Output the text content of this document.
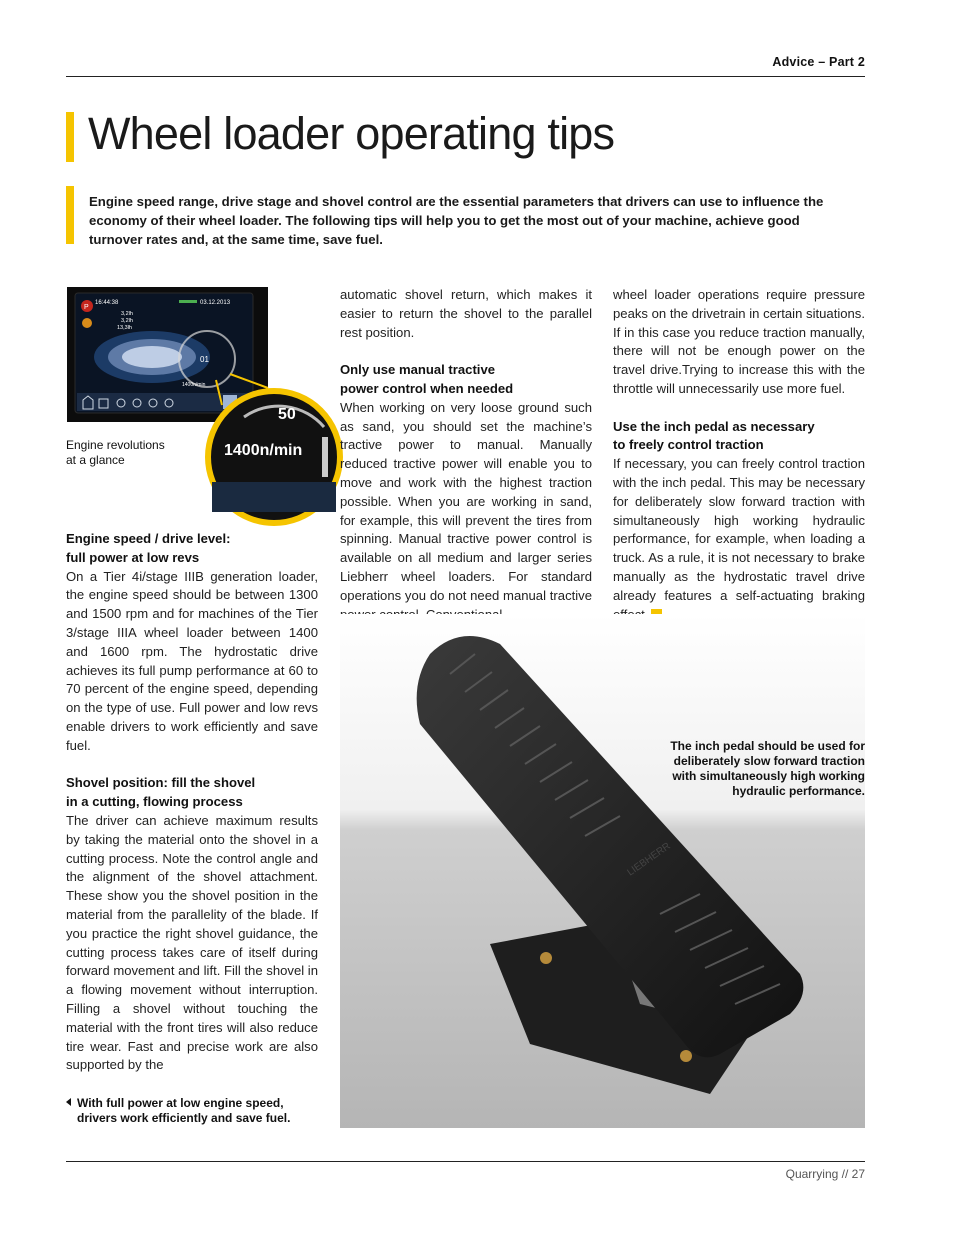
Advice – Part 2
Wheel loader operating tips

Engine speed range, drive stage and shovel control are the essential parameters that drivers can use to influence the economy of their wheel loader. The following tips will help you to get the most out of your machine, achieve good turnover rates and, at the same time, save fuel.

P
16:44:38	03.12.2013
3,2lh
3,2lh
13,3lh
01
1400n/min
50
1400n/min
Engine revolutions
at a glance
Engine speed / drive level:
full power at low revs

On a Tier 4i/stage IIIB generation loader, the engine speed should be between 1300 and 1500 rpm and for machines of the Tier 3/stage IIIA wheel loader between 1400 and 1600 rpm. The hydrostatic drive achieves its full pump performance at 60 to 70 percent of the engine speed, depending on the type of use. Full power and low revs enable drivers to work efficiently and save fuel.

Shovel position: fill the shovel
in a cutting, flowing process

The driver can achieve maximum results by taking the material onto the shovel in a cutting process. Note the control angle and the alignment of the shovel attachment. These show you the shovel position in the material from the parallelity of the blade. If you practice the right shovel guidance, the cutting process takes care of itself during forward movement and lift. Fill the shovel in a flowing movement without interruption. Filling a shovel without touching the material with the front tires will also reduce tire wear. Fast and precise work are also supported by the

With full power at low engine speed,
drivers work efficiently and save fuel.

automatic shovel return, which makes it easier to return the shovel to the parallel rest position.

Only use manual tractive
power control when needed

When working on very loose ground such as sand, you should set the machine’s tractive power to manual. Manually reduced tractive power will enable you to move and work with the highest traction possible. When you are working in sand, for example, this will prevent the tires from spinning. Manual tractive power control is available on all medium and larger series Liebherr wheel loaders. For standard operations you do not need manual tractive

wheel loader operations require pressure peaks on the drivetrain in certain situations. If in this case you reduce traction manually, there will not be enough power on the travel drive.Trying to increase this with the throttle will unnecessarily use more fuel.

Use the inch pedal as necessary
to freely control traction

If necessary, you can freely control traction with the inch pedal. This may be necessary for deliberately slow forward traction with simultaneously high working hydraulic performance, for example, when loading a truck. As a rule, it is not necessary to brake manually as the hydrostatic travel drive already features a self-actuating braking

LIEBHERR
The inch pedal should be used for
deliberately slow forward traction
with simultaneously high working
hydraulic performance.
Quarrying // 27
